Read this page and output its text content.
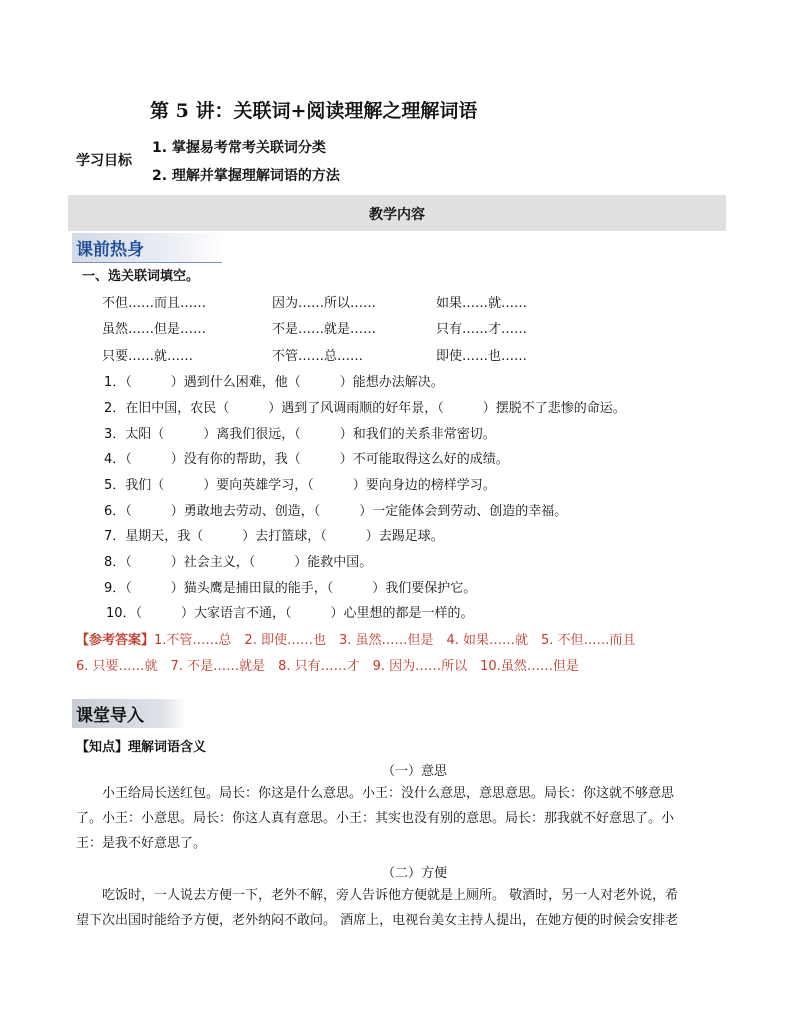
第 5 讲：关联词+阅读理解之理解词语
学习目标
1. 掌握易考常考关联词分类
2. 理解并掌握理解词语的方法
教学内容
课前热身
一、选关联词填空。
不但……而且……	因为……所以……	如果……就……
虽然……但是……	不是……就是……	只有……才……
只要……就……	不管……总……	即使……也……
1．（　　　）遇到什么困难，他（　　　）能想办法解决。
2．在旧中国，农民（　　　）遇到了风调雨顺的好年景，（　　　）摆脱不了悲惨的命运。
3．太阳（　　　）离我们很远，（　　　）和我们的关系非常密切。
4．（　　　）没有你的帮助，我（　　　）不可能取得这么好的成绩。
5．我们（　　　）要向英雄学习，（　　　）要向身边的榜样学习。
6．（　　　）勇敢地去劳动、创造，（　　　）一定能体会到劳动、创造的幸福。
7．星期天，我（　　　）去打篮球，（　　　）去踢足球。
8．（　　　）社会主义，（　　　）能救中国。
9．（　　　）猫头鹰是捕田鼠的能手，（　　　）我们要保护它。
10．（　　　）大家语言不通，（　　　）心里想的都是一样的。
【参考答案】1.不管……总　2. 即使……也　3. 虽然……但是　4. 如果……就　5. 不但……而且
6. 只要……就　7. 不是……就是　8. 只有……才　9. 因为……所以　10.虽然……但是
课堂导入
【知点】理解词语含义
（一）意思
　　小王给局长送红包。局长：你这是什么意思。小王：没什么意思，意思意思。局长：你这就不够意思
了。小王：小意思。局长：你这人真有意思。小王：其实也没有别的意思。局长：那我就不好意思了。小
王：是我不好意思了。
（二）方便
　　吃饭时，一人说去方便一下，老外不解，旁人告诉他方便就是上厕所。 敬酒时，另一人对老外说，希
望下次出国时能给予方便，老外纳闷不敢问。 酒席上，电视台美女主持人提出，在她方便的时候会安排老
